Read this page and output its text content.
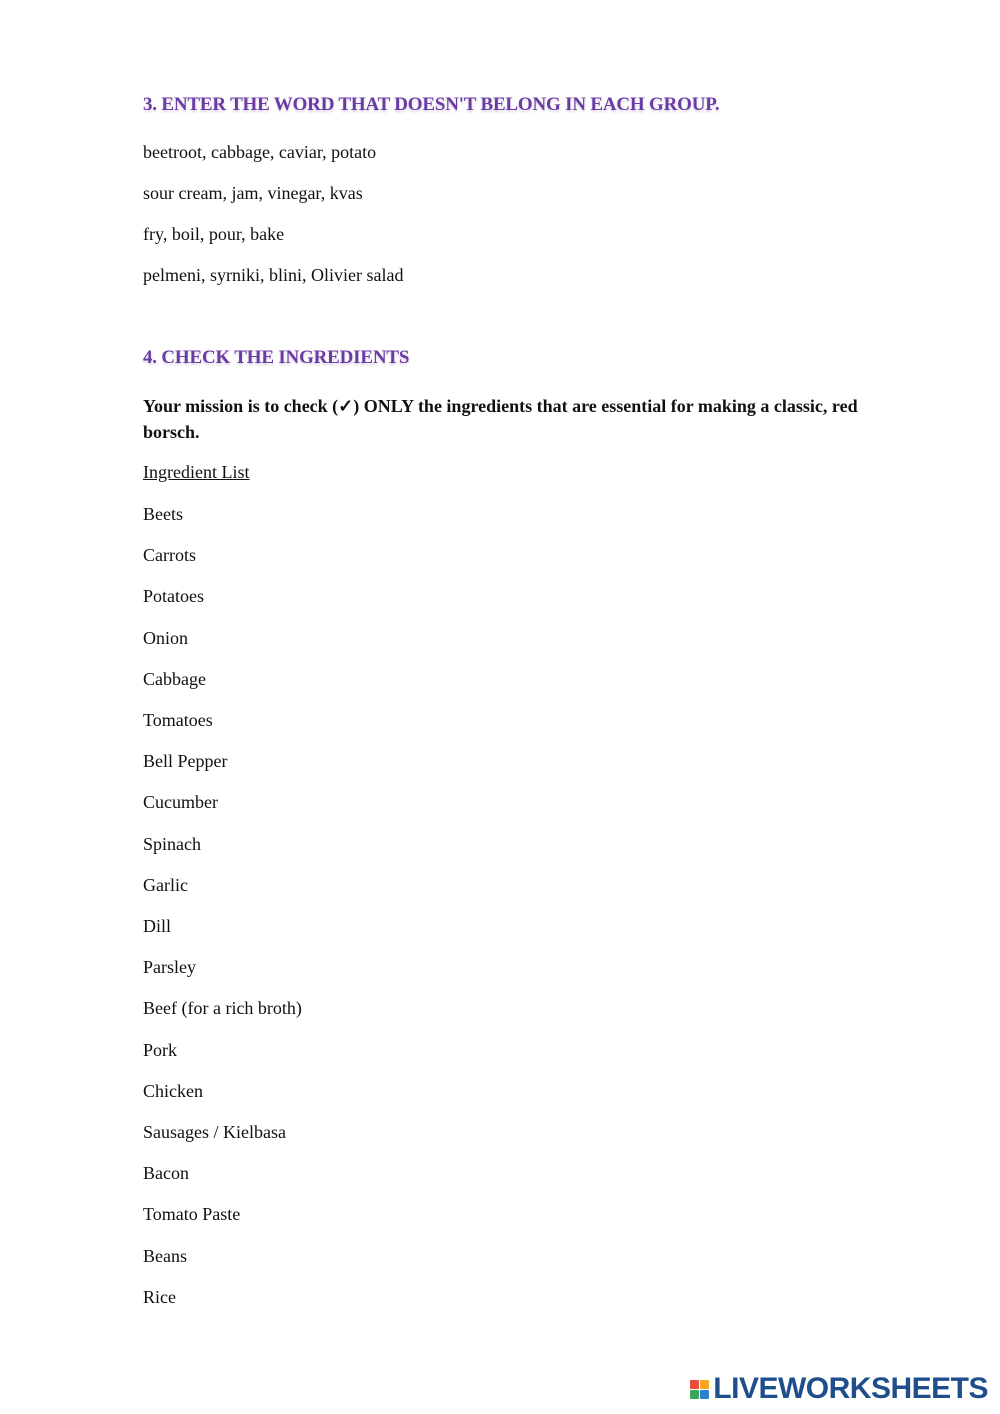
3. ENTER THE WORD THAT DOESN'T BELONG IN EACH GROUP.

beetroot, cabbage, caviar, potato

sour cream, jam, vinegar, kvas

fry, boil, pour, bake

pelmeni, syrniki, blini, Olivier salad

4. CHECK THE INGREDIENTS

Your mission is to check (✓) ONLY the ingredients that are essential for making a classic, red borsch.

Ingredient List

Beets

Carrots

Potatoes

Onion

Cabbage

Tomatoes

Bell Pepper

Cucumber

Spinach

Garlic

Dill

Parsley

Beef (for a rich broth)

Pork

Chicken

Sausages / Kielbasa

Bacon

Tomato Paste

Beans

Rice

LIVEWORKSHEETS
